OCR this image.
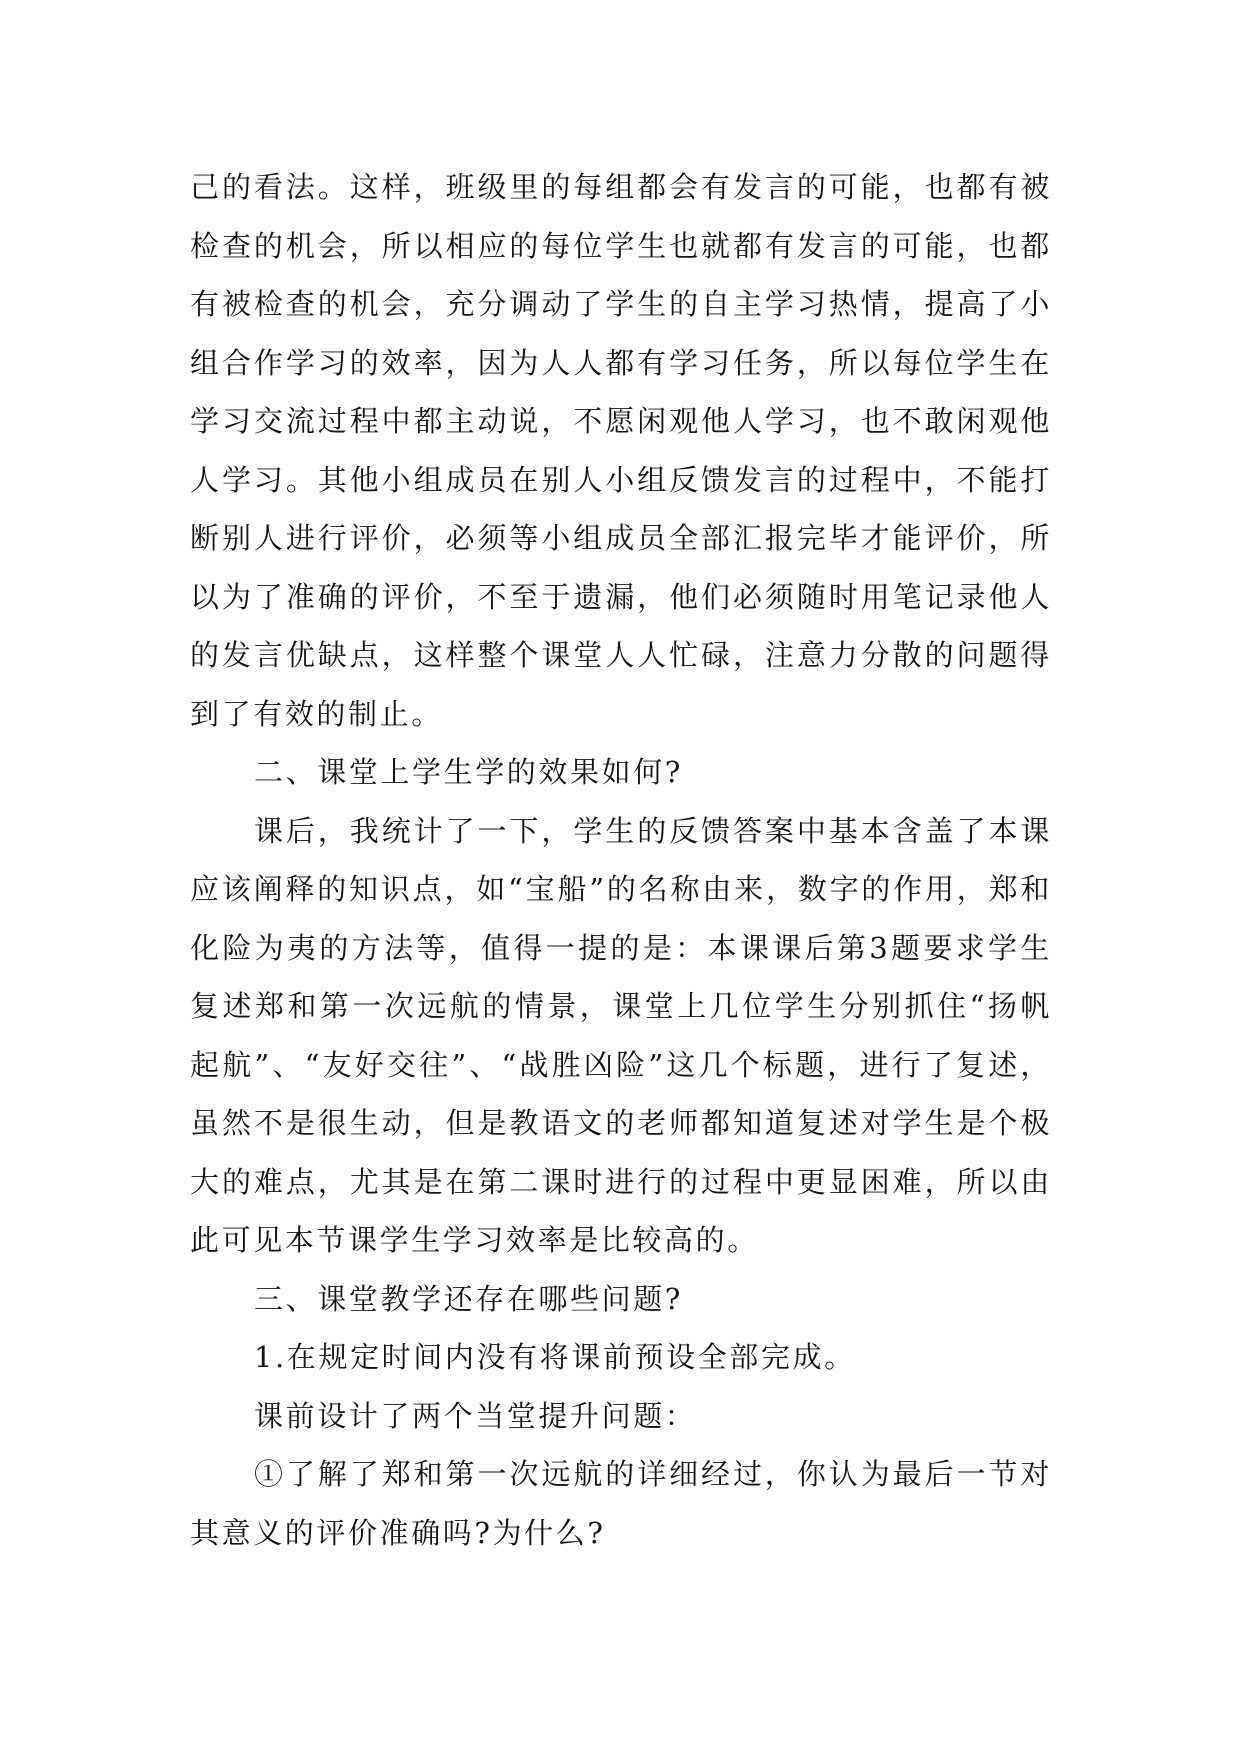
己的看法。这样，班级里的每组都会有发言的可能，也都有被检查的机会，所以相应的每位学生也就都有发言的可能，也都有被检查的机会，充分调动了学生的自主学习热情，提高了小组合作学习的效率，因为人人都有学习任务，所以每位学生在学习交流过程中都主动说，不愿闲观他人学习，也不敢闲观他人学习。其他小组成员在别人小组反馈发言的过程中，不能打断别人进行评价，必须等小组成员全部汇报完毕才能评价，所以为了准确的评价，不至于遗漏，他们必须随时用笔记录他人的发言优缺点，这样整个课堂人人忙碌，注意力分散的问题得到了有效的制止。

二、课堂上学生学的效果如何?

课后，我统计了一下，学生的反馈答案中基本含盖了本课应该阐释的知识点，如“宝船”的名称由来，数字的作用，郑和化险为夷的方法等，值得一提的是：本课课后第3题要求学生复述郑和第一次远航的情景，课堂上几位学生分别抓住“扬帆起航”、“友好交往”、“战胜凶险”这几个标题，进行了复述，虽然不是很生动，但是教语文的老师都知道复述对学生是个极大的难点，尤其是在第二课时进行的过程中更显困难，所以由此可见本节课学生学习效率是比较高的。

三、课堂教学还存在哪些问题?

1.在规定时间内没有将课前预设全部完成。

课前设计了两个当堂提升问题：

①了解了郑和第一次远航的详细经过，你认为最后一节对其意义的评价准确吗?为什么?
